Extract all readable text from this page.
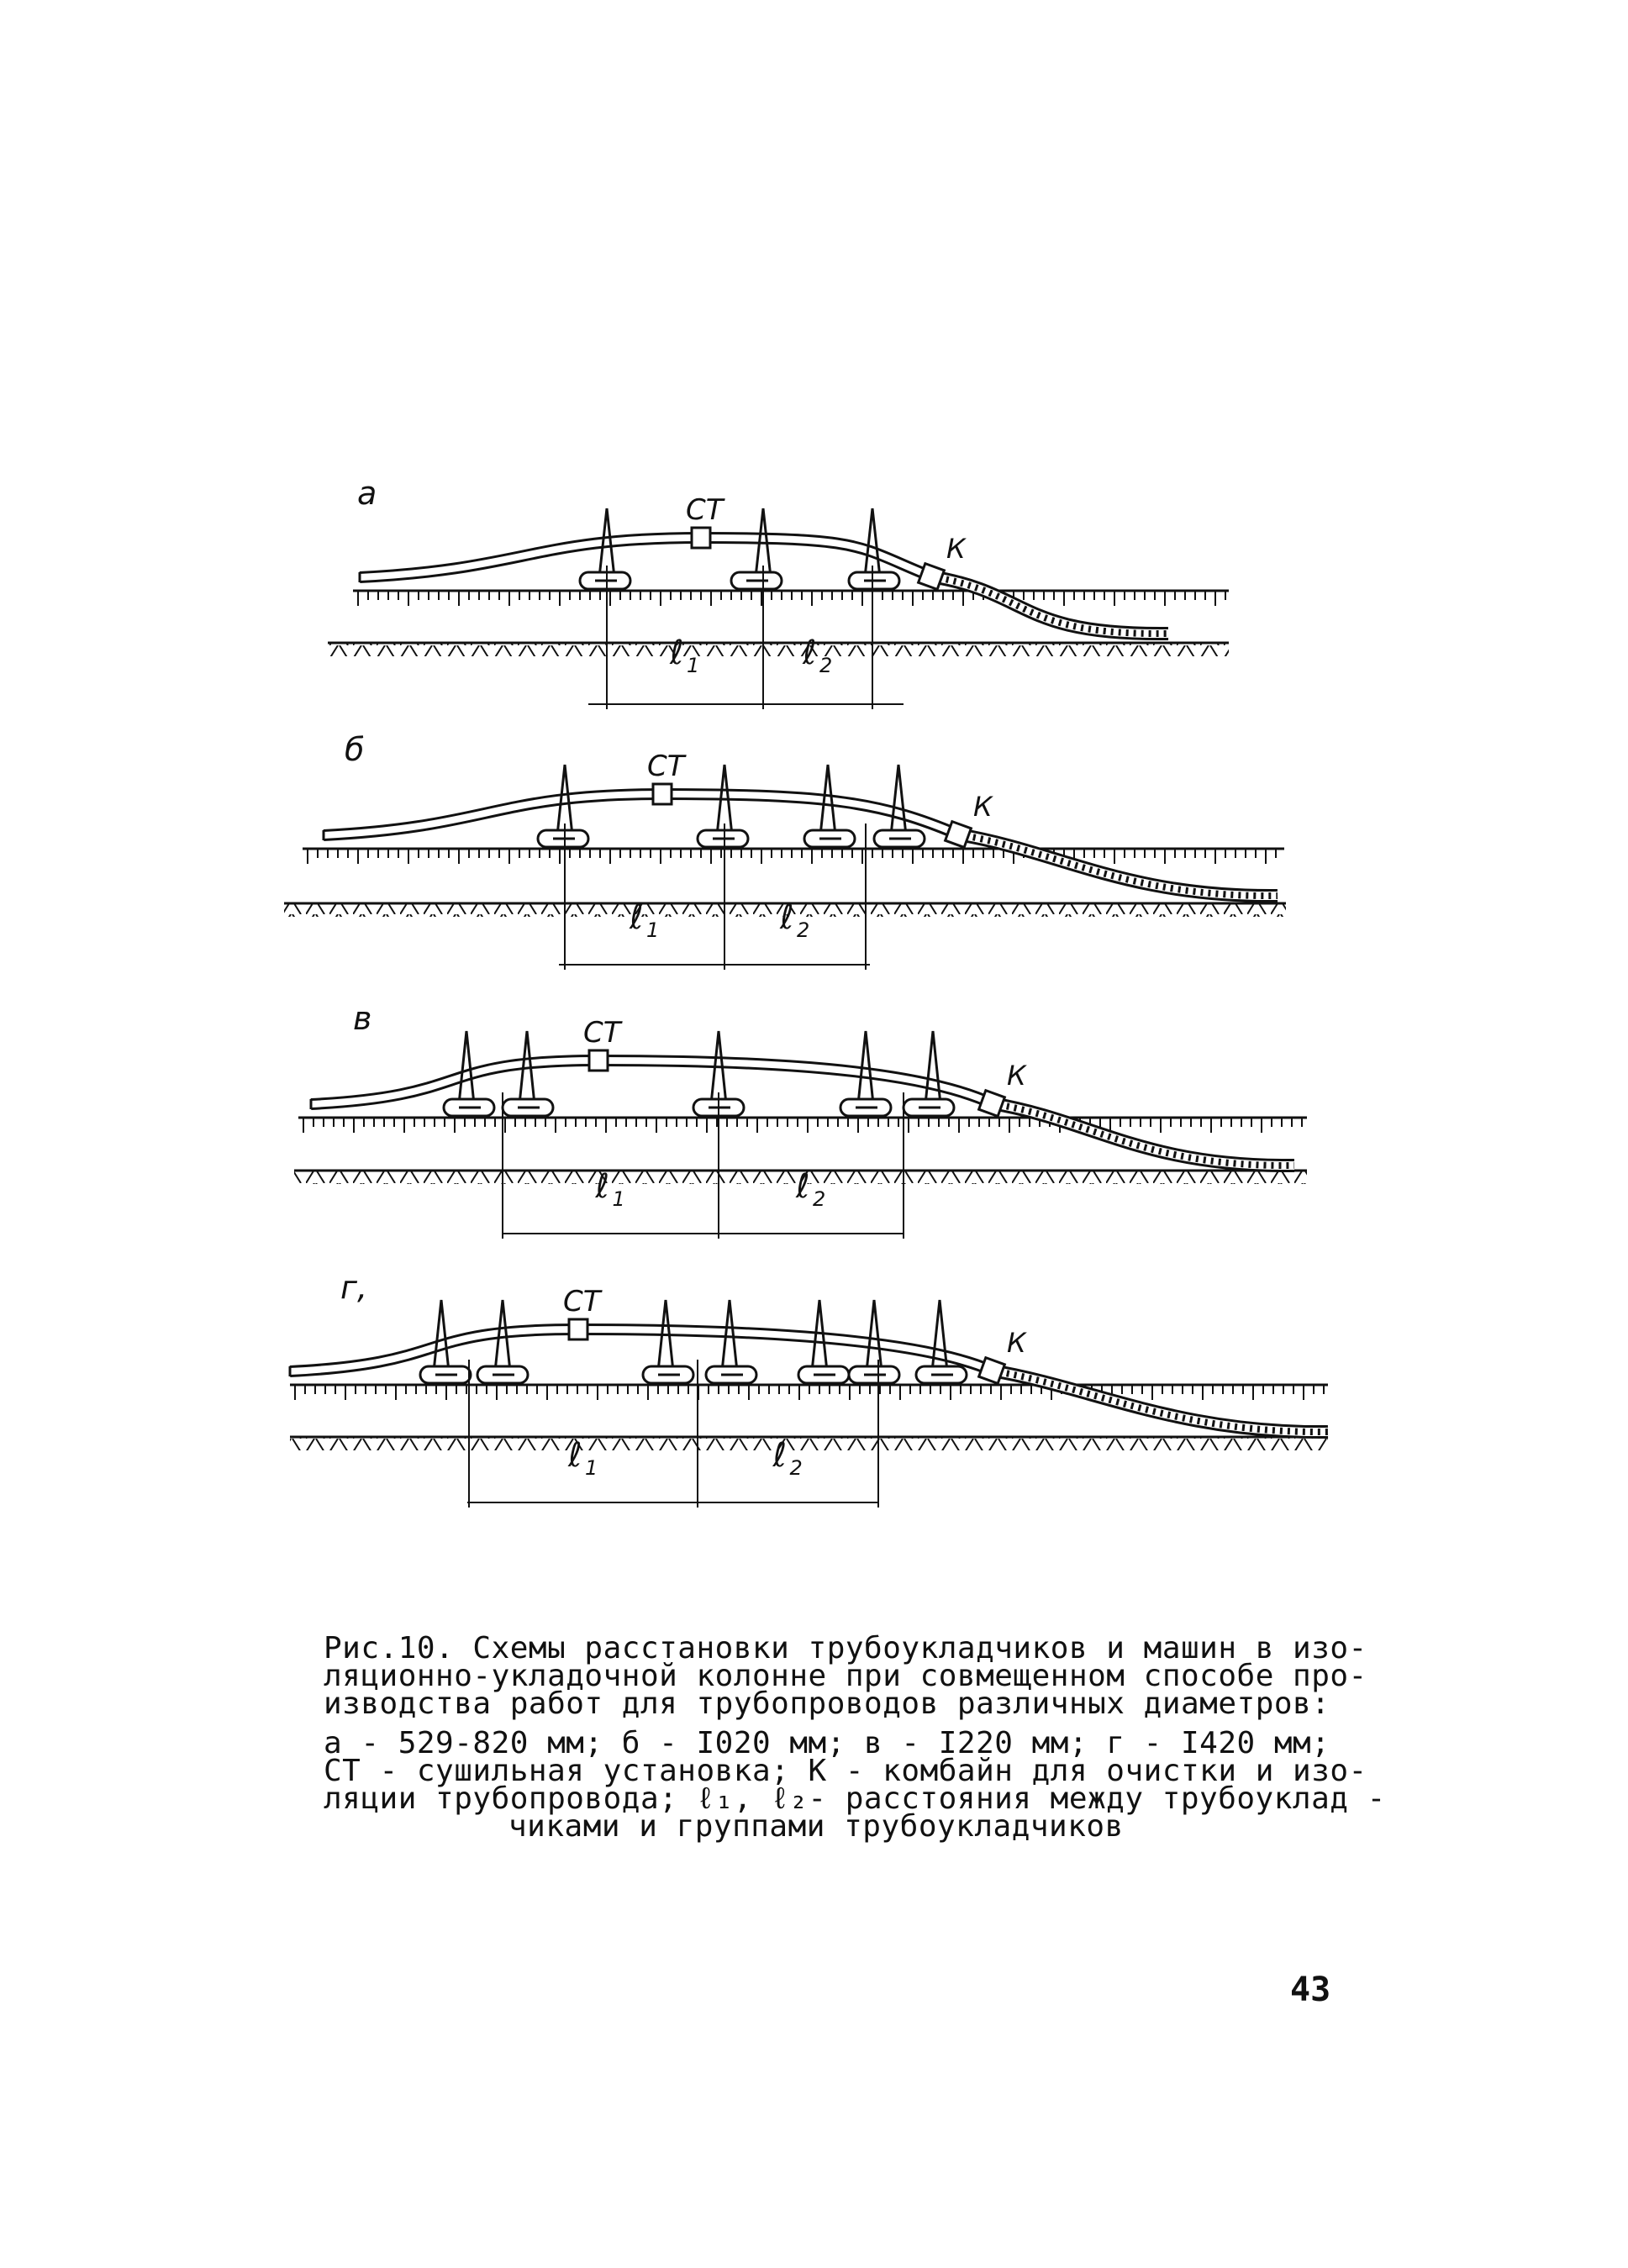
а	СТ
К
ℓ 1	ℓ 2
б	СТ
К
ℓ 1	ℓ 2
в	СТ
К
ℓ 1	ℓ 2
г,	СТ
К
ℓ 1	ℓ 2
Рис.10. Схемы расстановки трубоукладчиков и машин в изо-
ляционно-укладочной колонне при совмещенном способе про-
изводства работ для трубопроводов различных диаметров:
а - 529-820 мм; б - I020 мм; в - I220 мм; г - I420 мм;
СТ - сушильная установка; К - комбайн для очистки и изо-
ляции трубопровода; ℓ₁, ℓ₂- расстояния между трубоуклад -
чиками и группами трубоукладчиков
43
